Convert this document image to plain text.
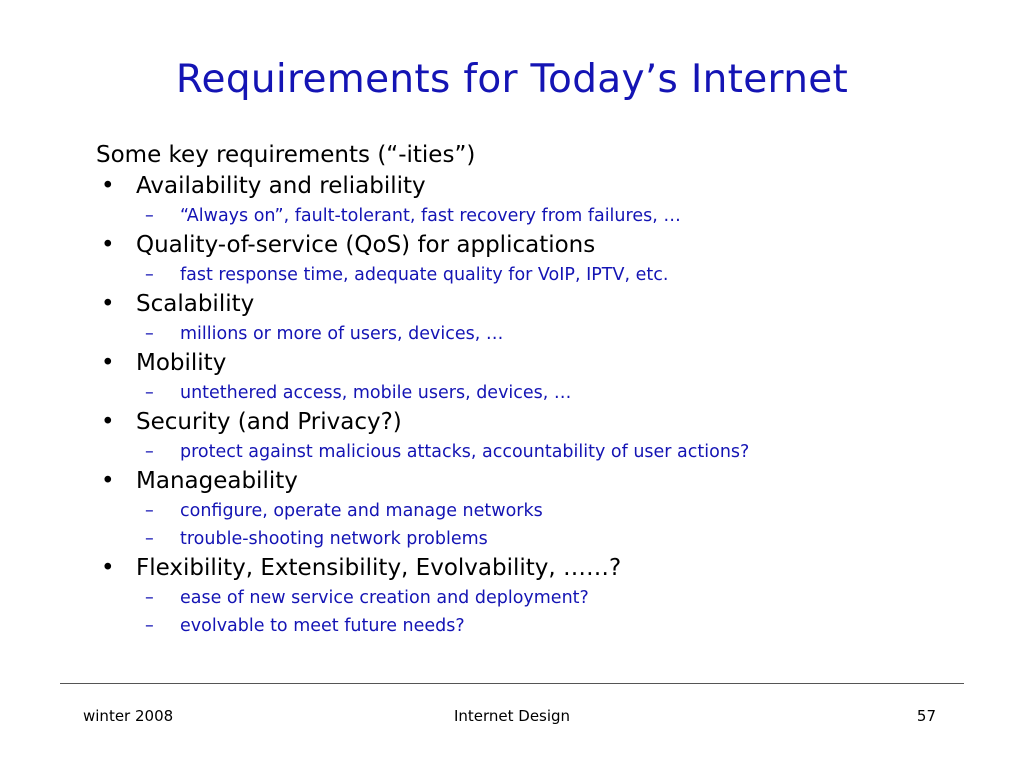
Requirements for Today’s Internet
Some key requirements (“-ities”)
• Availability and reliability
– “Always on”, fault-tolerant, fast recovery from failures, …
• Quality-of-service (QoS) for applications
– fast response time, adequate quality for VoIP, IPTV, etc.
• Scalability
– millions or more of users, devices, …
• Mobility
– untethered access, mobile users, devices, …
• Security (and Privacy?)
– protect against malicious attacks, accountability of user actions?
• Manageability
– configure, operate and manage networks
– trouble-shooting network problems
• Flexibility, Extensibility, Evolvability, ……?
– ease of new service creation and deployment?
– evolvable to meet future needs?
winter 2008	Internet Design	57
